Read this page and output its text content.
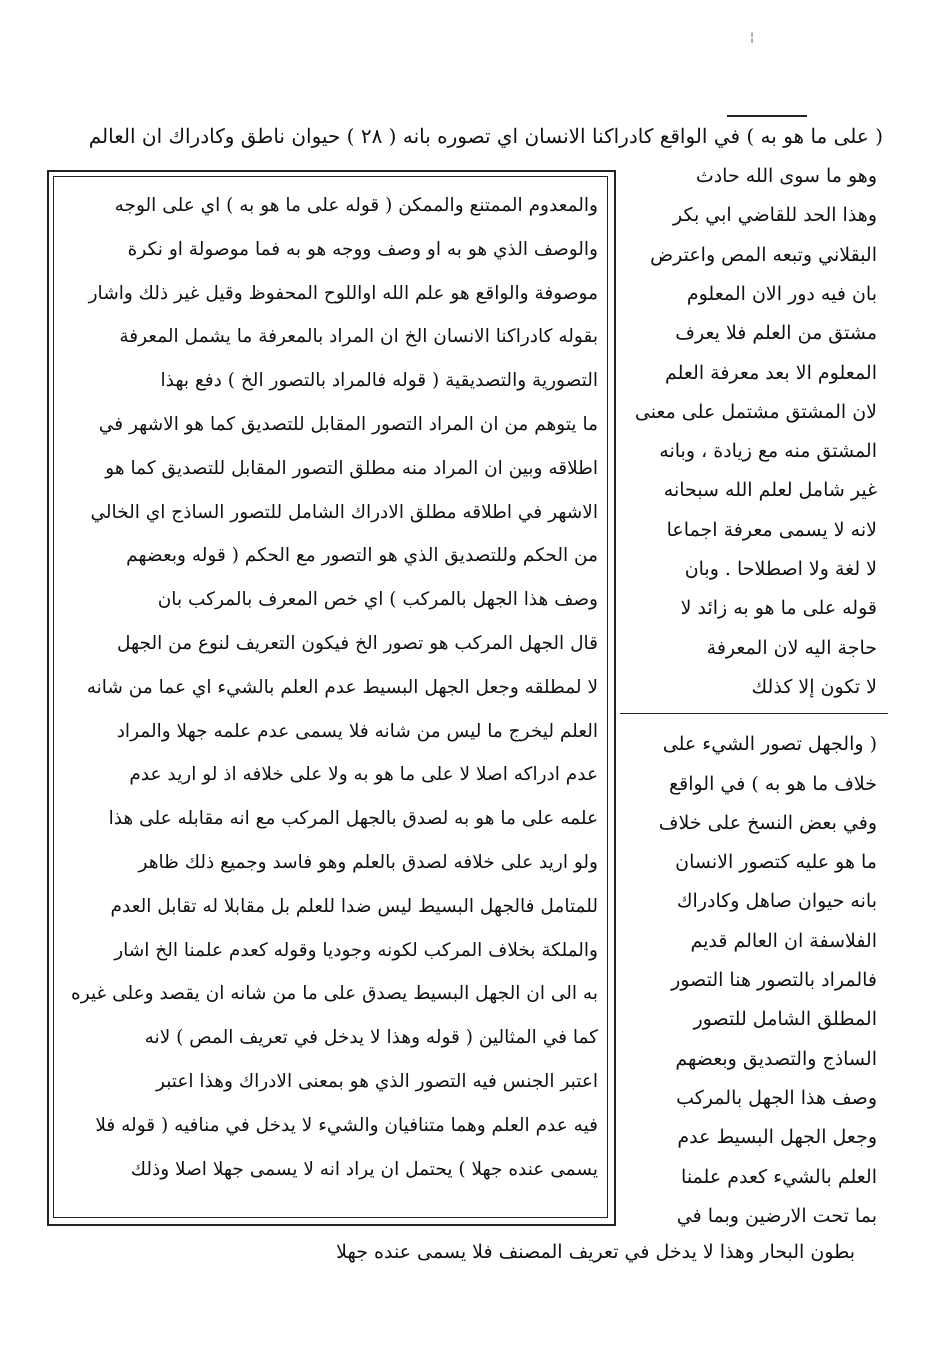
¦
( على ما هو به ) في الواقع كادراكنا الانسان اي تصوره بانه ( ٢٨ ) حيوان ناطق وكادراك ان العالم
وهو ما سوى الله حادث
وهذا الحد للقاضي ابي بكر
البقلاني وتبعه المص واعترض
بان فيه دور الان المعلوم
مشتق من العلم فلا يعرف
المعلوم الا بعد معرفة العلم
لان المشتق مشتمل على معنى
المشتق منه مع زيادة ، وبانه
غير شامل لعلم الله سبحانه
لانه لا يسمى معرفة اجماعا
لا لغة ولا اصطلاحا . وبان
قوله على ما هو به زائد لا
حاجة اليه لان المعرفة
لا تكون إلا كذلك
( والجهل تصور الشيء على
خلاف ما هو به ) في الواقع
وفي بعض النسخ على خلاف
ما هو عليه كتصور الانسان
بانه حيوان صاهل وكادراك
الفلاسفة ان العالم قديم
فالمراد بالتصور هنا التصور
المطلق الشامل للتصور
الساذج والتصديق وبعضهم
وصف هذا الجهل بالمركب
وجعل الجهل البسيط عدم
العلم بالشيء كعدم علمنا
بما تحت الارضين وبما في
والمعدوم الممتنع والممكن ( قوله على ما هو به ) اي على الوجه
والوصف الذي هو به او وصف ووجه هو به فما موصولة او نكرة
موصوفة والواقع هو علم الله اواللوح المحفوظ وقيل غير ذلك واشار
بقوله كادراكنا الانسان الخ ان المراد بالمعرفة ما يشمل المعرفة
التصورية والتصديقية ( قوله فالمراد بالتصور الخ ) دفع بهذا
ما يتوهم من ان المراد التصور المقابل للتصديق كما هو الاشهر في
اطلاقه وبين ان المراد منه مطلق التصور المقابل للتصديق كما هو
الاشهر في اطلاقه مطلق الادراك الشامل للتصور الساذج اي الخالي
من الحكم وللتصديق الذي هو التصور مع الحكم ( قوله وبعضهم
وصف هذا الجهل بالمركب ) اي خص المعرف بالمركب بان
قال الجهل المركب هو تصور الخ فيكون التعريف لنوع من الجهل
لا لمطلقه وجعل الجهل البسيط عدم العلم بالشيء اي عما من شانه
العلم ليخرج ما ليس من شانه فلا يسمى عدم علمه جهلا والمراد
عدم ادراكه اصلا لا على ما هو به ولا على خلافه اذ لو اريد عدم
علمه على ما هو به لصدق بالجهل المركب مع انه مقابله على هذا
ولو اريد على خلافه لصدق بالعلم وهو فاسد وجميع ذلك ظاهر
للمتامل فالجهل البسيط ليس ضدا للعلم بل مقابلا له تقابل العدم
والملكة بخلاف المركب لكونه وجوديا وقوله كعدم علمنا الخ اشار
به الى ان الجهل البسيط يصدق على ما من شانه ان يقصد وعلى غيره
كما في المثالين ( قوله وهذا لا يدخل في تعريف المص ) لانه
اعتبر الجنس فيه التصور الذي هو بمعنى الادراك وهذا اعتبر
فيه عدم العلم وهما متنافيان والشيء لا يدخل في منافيه ( قوله فلا
يسمى عنده جهلا ) يحتمل ان يراد انه لا يسمى جهلا اصلا وذلك
بطون البحار وهذا لا يدخل في تعريف المصنف فلا يسمى عنده جهلا
